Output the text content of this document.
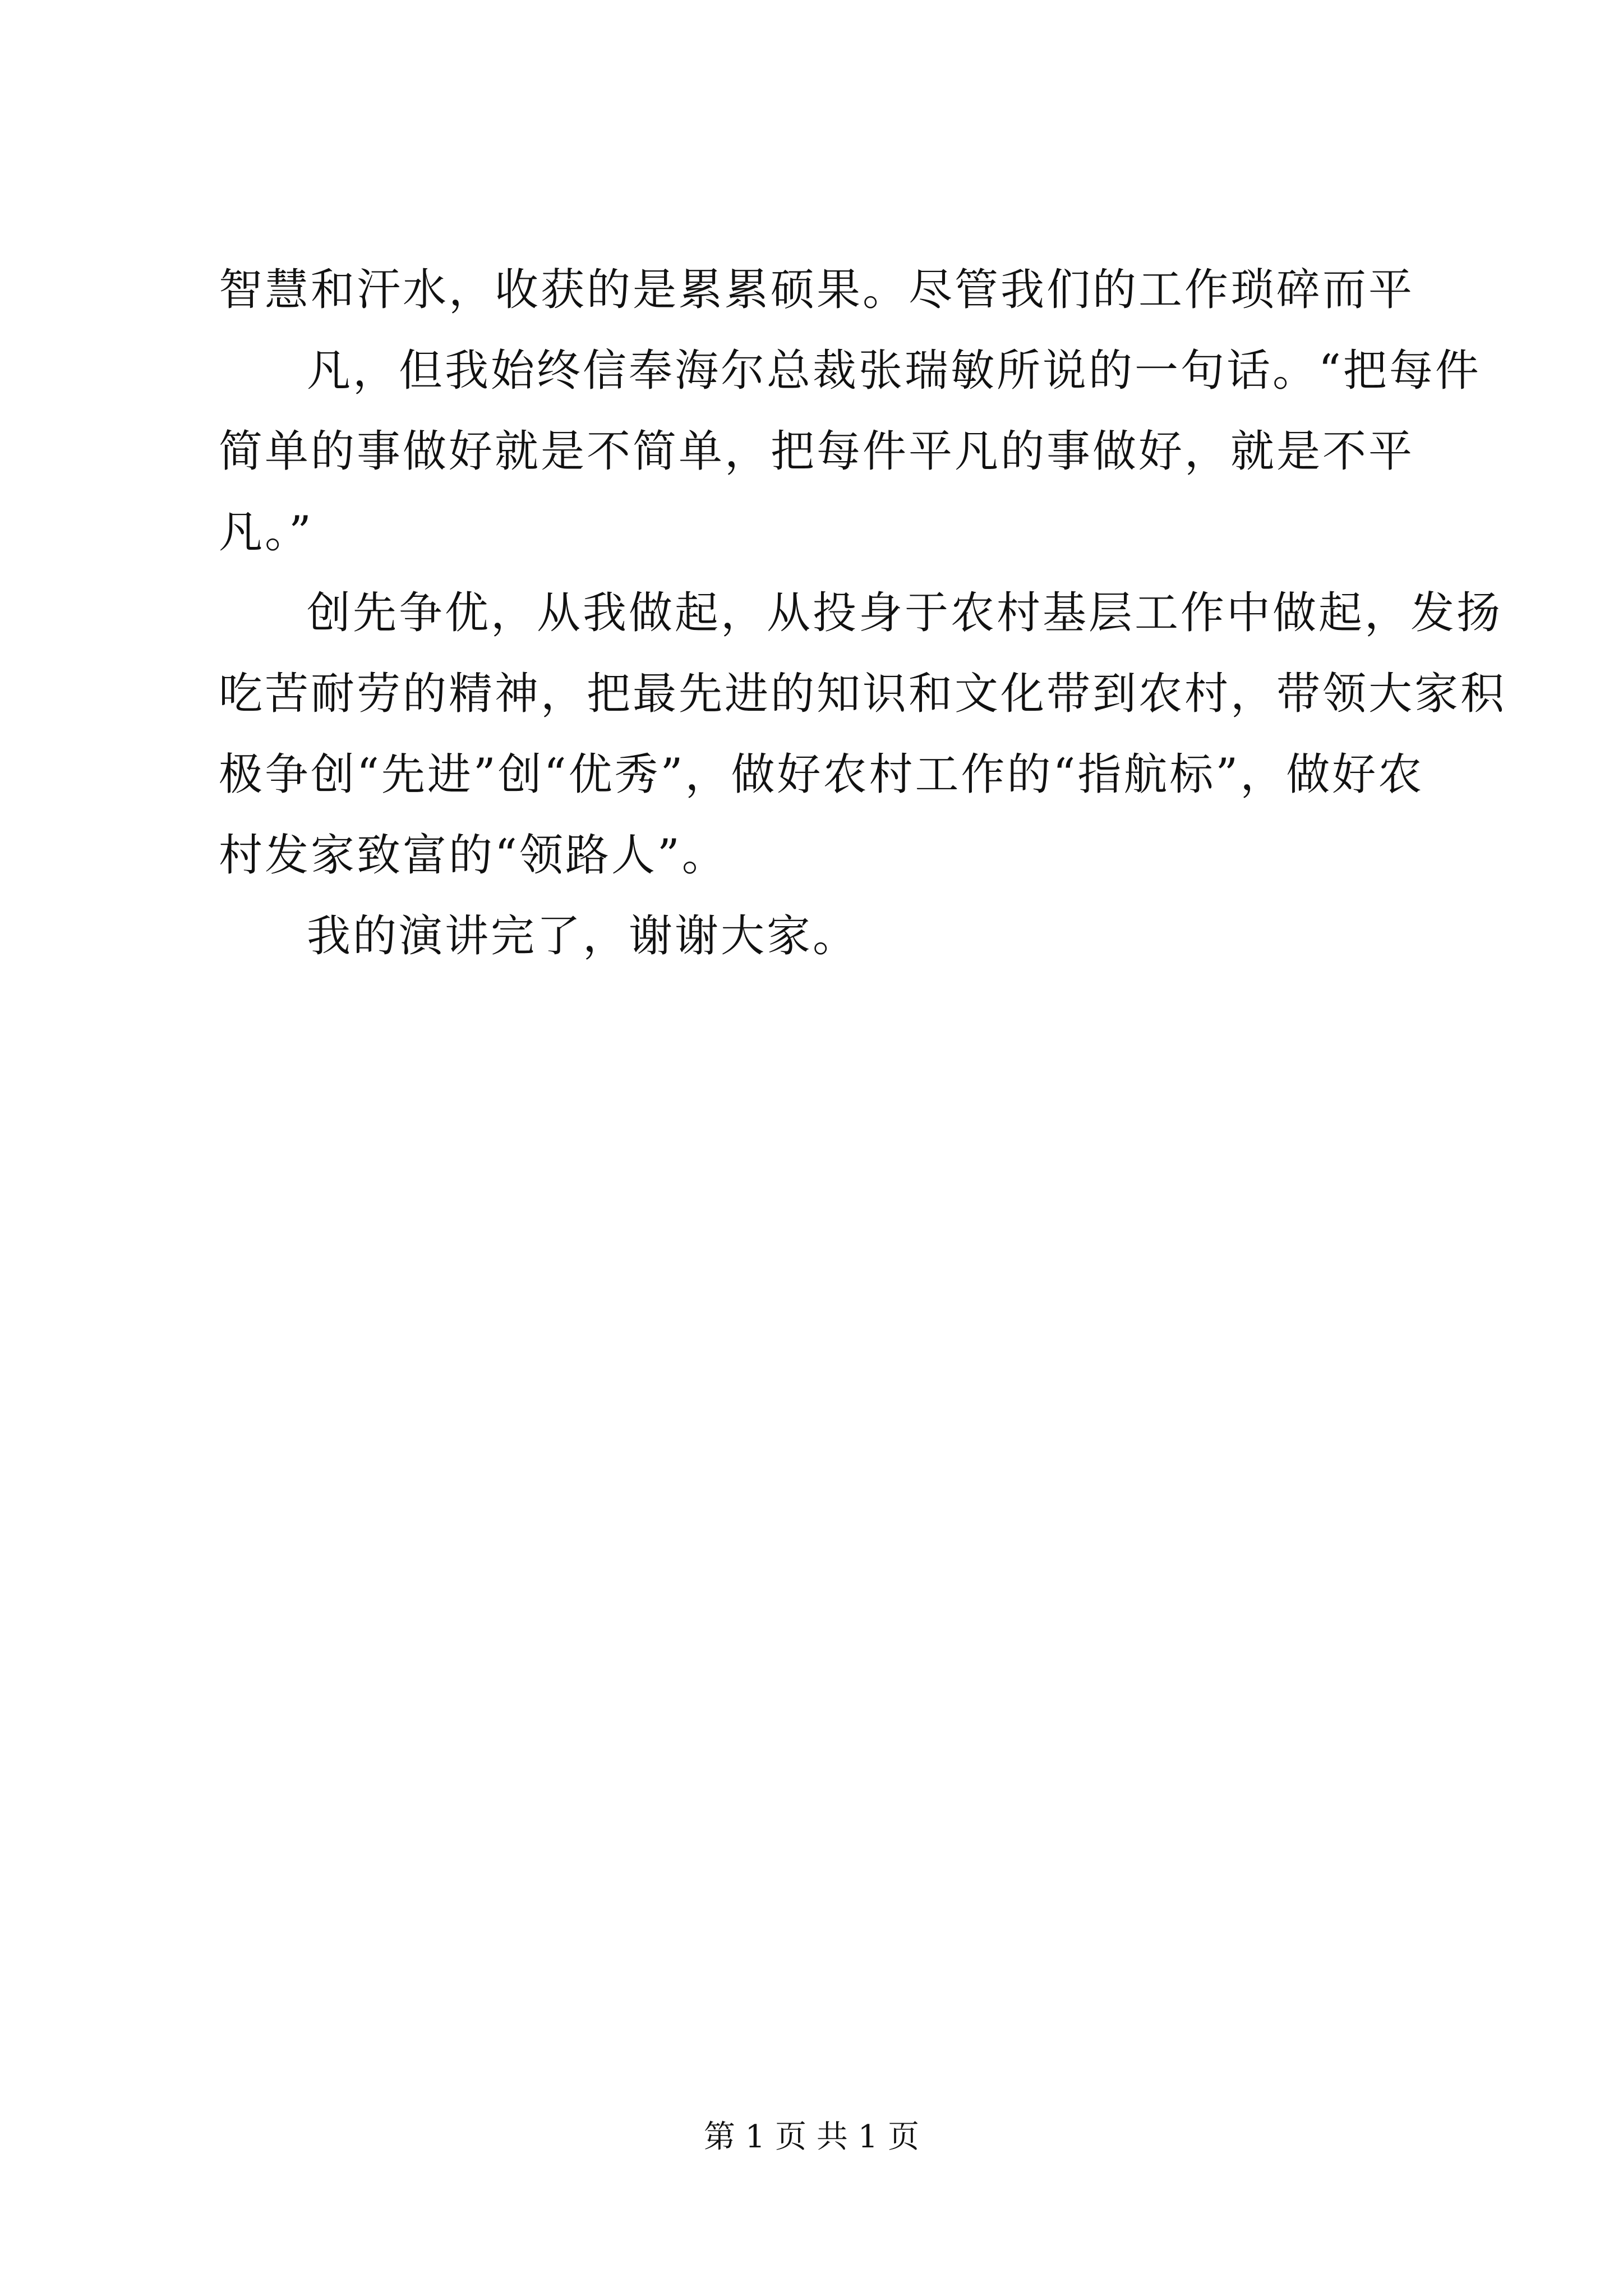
智慧和汗水，收获的是累累硕果。尽管我们的工作琐碎而平
凡，但我始终信奉海尔总裁张瑞敏所说的一句话。“把每件
简单的事做好就是不简单，把每件平凡的事做好，就是不平
凡。”
创先争优，从我做起，从投身于农村基层工作中做起，发扬
吃苦耐劳的精神，把最先进的知识和文化带到农村，带领大家积
极争创“先进”创“优秀”，做好农村工作的“指航标”，做好农
村发家致富的“领路人”。
我的演讲完了，谢谢大家。
第 1 页 共 1 页
